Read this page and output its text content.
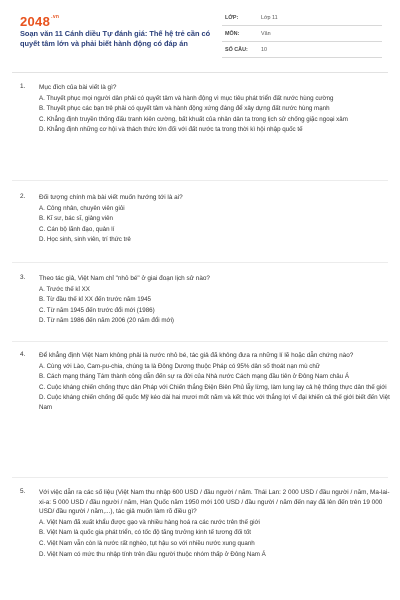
$2048^{.vn}$
Soạn văn 11 Cánh diều Tự đánh giá: Thế hệ trẻ cần có quyết tâm lớn và phải biết hành động có đáp án
LỚP:	Lớp 11
MÔN:	Văn
SỐ CÂU:	10
1. Mục đích của bài viết là gì?
A. Thuyết phục mọi người dân phải có quyết tâm và hành động vì mục tiêu phát triển đất nước hùng cường
B. Thuyết phục các bạn trẻ phải có quyết tâm và hành động xứng đáng để xây dựng đất nước hùng mạnh
C. Khẳng định truyền thống đấu tranh kiên cường, bất khuất của nhân dân ta trong lịch sử chống giặc ngoại xâm
D. Khẳng định những cơ hội và thách thức lớn đối với đất nước ta trong thời kì hội nhập quốc tế
2. Đối tượng chính mà bài viết muốn hướng tới là ai?
A. Công nhân, chuyên viên giỏi
B. Kĩ sư, bác sĩ, giảng viên
C. Cán bộ lãnh đạo, quản lí
D. Học sinh, sinh viên, trí thức trẻ
3. Theo tác giả, Việt Nam chỉ "nhỏ bé" ở giai đoạn lịch sử nào?
A. Trước thế kỉ XX
B. Từ đầu thế kỉ XX đến trước năm 1945
C. Từ năm 1945 đến trước đổi mới (1986)
D. Từ năm 1986 đến năm 2006 (20 năm đổi mới)
4. Để khẳng định Việt Nam không phải là nước nhỏ bé, tác giả đã không đưa ra những lí lẽ hoặc dẫn chứng nào?
A. Cùng với Lào, Cam-pu-chia, chúng ta là Đông Dương thuộc Pháp có 95% dân số thoát nạn mù chữ
B. Cách mạng tháng Tám thành công dẫn đến sự ra đời của Nhà nước Cách mạng đầu tiên ở Đông Nam châu Á
C. Cuộc kháng chiến chống thực dân Pháp với Chiến thắng Điện Biên Phủ lẫy lừng, làm lung lay cả hệ thống thực dân thế giới
D. Cuộc kháng chiến chống đế quốc Mỹ kéo dài hai mươi mốt năm và kết thúc với thắng lợi vĩ đại khiến cả thế giới biết đến Việt Nam
5. Với việc dẫn ra các số liệu (Việt Nam thu nhập 600 USD / đầu người / năm. Thái Lan: 2 000 USD / đầu người / năm, Ma-lai-xi-a: 5 000 USD / đầu người / năm, Hàn Quốc năm 1950 mới 100 USD / đầu người / năm đến nay đã lên đến trên 19 000 USD/ đầu người / năm,...), tác giả muốn làm rõ điều gì?
A. Việt Nam đã xuất khẩu được gạo và nhiều hàng hoá ra các nước trên thế giới
B. Việt Nam là quốc gia phát triển, có tốc độ tăng trưởng kinh tế tương đối tốt
C. Việt Nam vẫn còn là nước rất nghèo, tụt hậu so với nhiều nước xung quanh
D. Việt Nam có mức thu nhập tính trên đầu người thuộc nhóm thấp ở Đông Nam Á
